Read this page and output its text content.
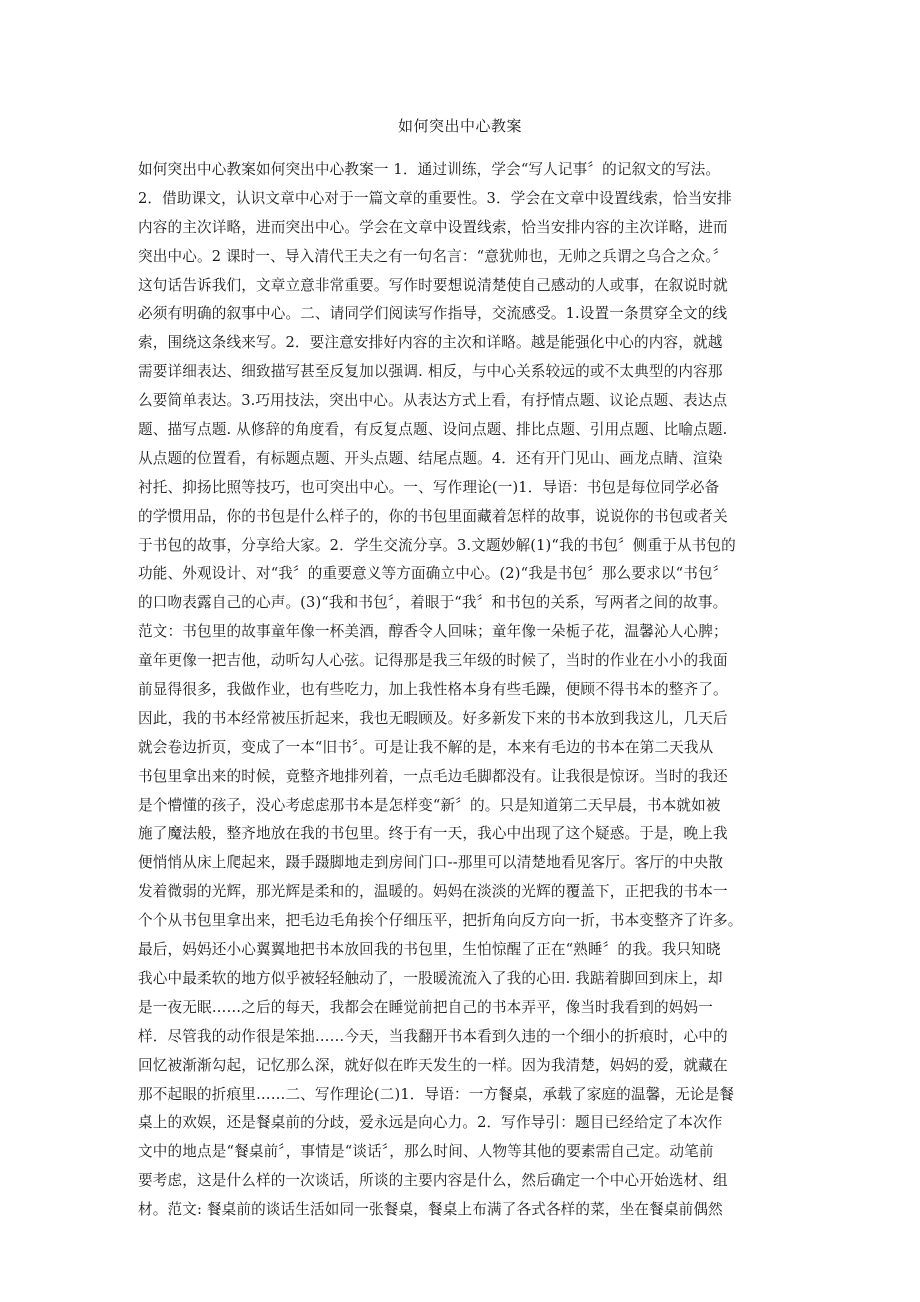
如何突出中心教案
如何突出中心教案如何突出中心教案一 1．通过训练，学会“写人记事〞的记叙文的写法。
2．借助课文，认识文章中心对于一篇文章的重要性。3．学会在文章中设置线索，恰当安排
内容的主次详略，进而突出中心。学会在文章中设置线索，恰当安排内容的主次详略，进而
突出中心。2 课时一、导入清代王夫之有一句名言：“意犹帅也，无帅之兵谓之乌合之众。〞
这句话告诉我们，文章立意非常重要。写作时要想说清楚使自己感动的人或事，在叙说时就
必须有明确的叙事中心。二、请同学们阅读写作指导，交流感受。1.设置一条贯穿全文的线
索，围绕这条线来写。2．要注意安排好内容的主次和详略。越是能强化中心的内容，就越
需要详细表达、细致描写甚至反复加以强调. 相反，与中心关系较远的或不太典型的内容那
么要简单表达。3.巧用技法，突出中心。从表达方式上看，有抒情点题、议论点题、表达点
题、描写点题. 从修辞的角度看，有反复点题、设问点题、排比点题、引用点题、比喻点题.
从点题的位置看，有标题点题、开头点题、结尾点题。4．还有开门见山、画龙点睛、渲染
衬托、抑扬比照等技巧，也可突出中心。一、写作理论(一)1．导语：书包是每位同学必备
的学惯用品，你的书包是什么样子的，你的书包里面藏着怎样的故事，说说你的书包或者关
于书包的故事，分享给大家。2．学生交流分享。3.文题妙解(1)“我的书包〞侧重于从书包的
功能、外观设计、对“我〞的重要意义等方面确立中心。(2)“我是书包〞那么要求以“书包〞
的口吻表露自己的心声。(3)“我和书包〞，着眼于“我〞和书包的关系，写两者之间的故事。
范文：书包里的故事童年像一杯美酒，醇香令人回味；童年像一朵栀子花，温馨沁人心脾；
童年更像一把吉他，动听勾人心弦。记得那是我三年级的时候了，当时的作业在小小的我面
前显得很多，我做作业，也有些吃力，加上我性格本身有些毛躁，便顾不得书本的整齐了。
因此，我的书本经常被压折起来，我也无暇顾及。好多新发下来的书本放到我这儿，几天后
就会卷边折页，变成了一本“旧书〞。可是让我不解的是，本来有毛边的书本在第二天我从
书包里拿出来的时候，竟整齐地排列着，一点毛边毛脚都没有。让我很是惊讶。当时的我还
是个懵懂的孩子，没心考虑虑那书本是怎样变“新〞的。只是知道第二天早晨，书本就如被
施了魔法般，整齐地放在我的书包里。终于有一天，我心中出现了这个疑惑。于是，晚上我
便悄悄从床上爬起来，蹑手蹑脚地走到房间门口--那里可以清楚地看见客厅。客厅的中央散
发着微弱的光辉，那光辉是柔和的，温暖的。妈妈在淡淡的光辉的覆盖下，正把我的书本一
个个从书包里拿出来，把毛边毛角挨个仔细压平，把折角向反方向一折，书本变整齐了许多。
最后，妈妈还小心翼翼地把书本放回我的书包里，生怕惊醒了正在“熟睡〞的我。我只知晓
我心中最柔软的地方似乎被轻轻触动了，一股暖流流入了我的心田. 我踮着脚回到床上，却
是一夜无眠……之后的每天，我都会在睡觉前把自己的书本弄平，像当时我看到的妈妈一
样．尽管我的动作很是笨拙……今天，当我翻开书本看到久违的一个细小的折痕时，心中的
回忆被渐渐勾起，记忆那么深，就好似在昨天发生的一样。因为我清楚，妈妈的爱，就藏在
那不起眼的折痕里……二、写作理论(二)1．导语：一方餐桌，承载了家庭的温馨，无论是餐
桌上的欢娱，还是餐桌前的分歧，爱永远是向心力。2．写作导引：题目已经给定了本次作
文中的地点是“餐桌前〞，事情是“谈话〞，那么时间、人物等其他的要素需自己定。动笔前
要考虑，这是什么样的一次谈话，所谈的主要内容是什么，然后确定一个中心开始选材、组
材。范文: 餐桌前的谈话生活如同一张餐桌，餐桌上布满了各式各样的菜，坐在餐桌前偶然
